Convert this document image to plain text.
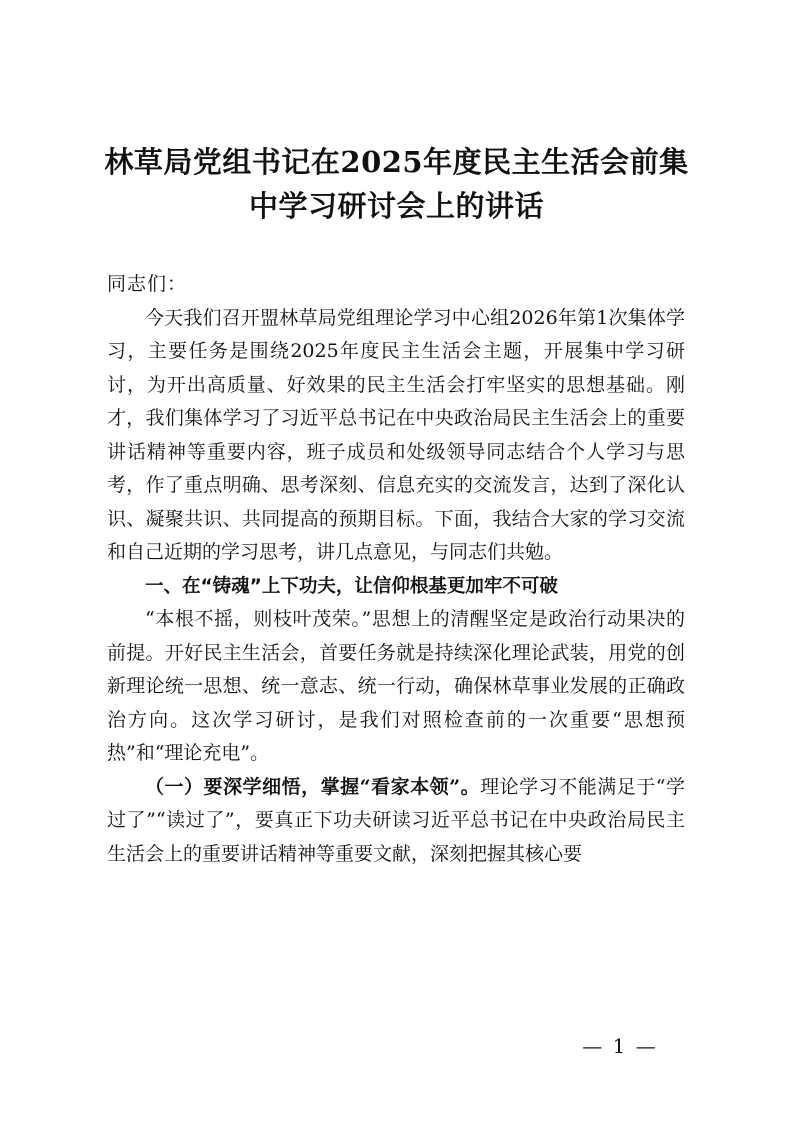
林草局党组书记在2025年度民主生活会前集
中学习研讨会上的讲话

同志们：

今天我们召开盟林草局党组理论学习中心组2026年第1次集体学习，主要任务是围绕2025年度民主生活会主题，开展集中学习研讨，为开出高质量、好效果的民主生活会打牢坚实的思想基础。刚才，我们集体学习了习近平总书记在中央政治局民主生活会上的重要讲话精神等重要内容，班子成员和处级领导同志结合个人学习与思考，作了重点明确、思考深刻、信息充实的交流发言，达到了深化认识、凝聚共识、共同提高的预期目标。下面，我结合大家的学习交流和自己近期的学习思考，讲几点意见，与同志们共勉。

一、在“铸魂”上下功夫，让信仰根基更加牢不可破

“本根不摇，则枝叶茂荣。”思想上的清醒坚定是政治行动果决的前提。开好民主生活会，首要任务就是持续深化理论武装，用党的创新理论统一思想、统一意志、统一行动，确保林草事业发展的正确政治方向。这次学习研讨，是我们对照检查前的一次重要“思想预热”和“理论充电”。

（一）要深学细悟，掌握“看家本领”。理论学习不能满足于“学过了”“读过了”，要真正下功夫研读习近平总书记在中央政治局民主生活会上的重要讲话精神等重要文献，深刻把握其核心要

— 1 —
